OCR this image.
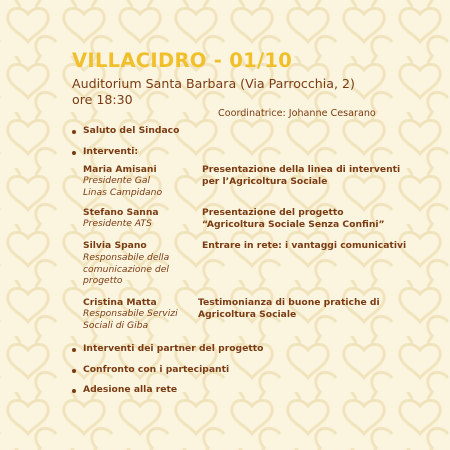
VILLACIDRO - 01/10
Auditorium Santa Barbara (Via Parrocchia, 2)
ore 18:30
Coordinatrice: Johanne Cesarano
Saluto del Sindaco
Interventi:
Maria Amisani
Presidente Gal
Linas Campidano
Presentazione della linea di interventi
per l’Agricoltura Sociale
Stefano Sanna
Presidente ATS
Presentazione del progetto
“Agricoltura Sociale Senza Confini”
Silvia Spano
Responsabile della
comunicazione del
progetto
Entrare in rete: i vantaggi comunicativi
Cristina Matta
Responsabile Servizi
Sociali di Giba
Testimonianza di buone pratiche di
Agricoltura Sociale
Interventi dei partner del progetto
Confronto con i partecipanti
Adesione alla rete
